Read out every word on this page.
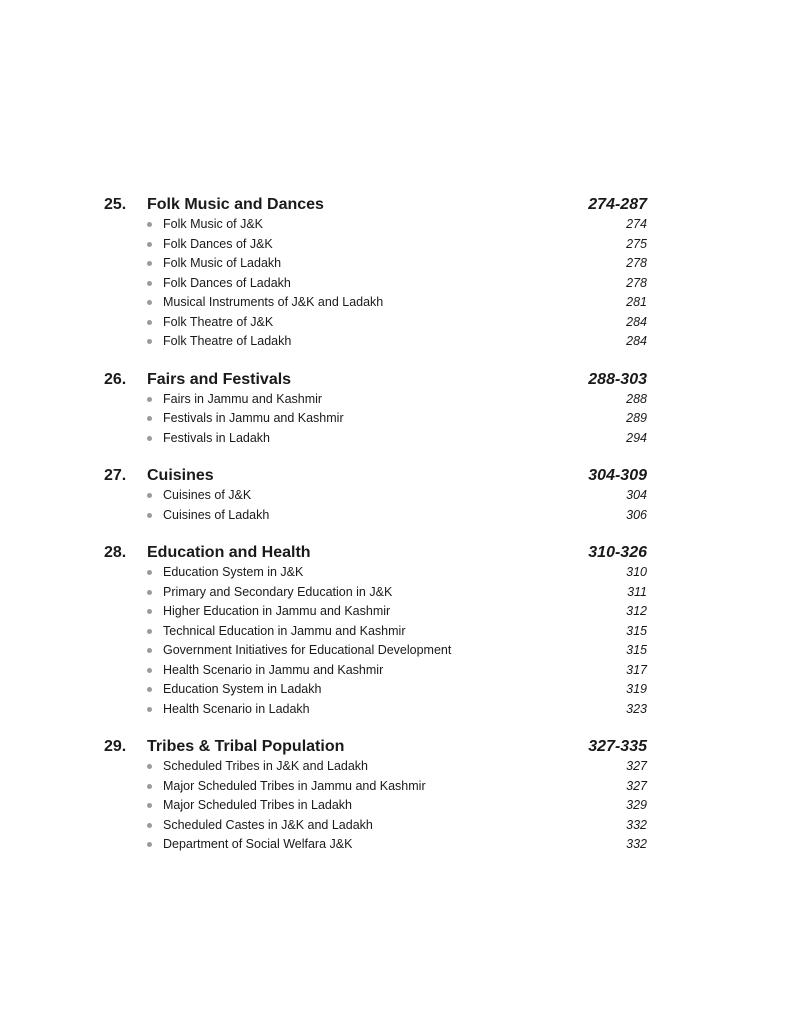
25. Folk Music and Dances	274-287
Folk Music of J&K	274
Folk Dances of J&K	275
Folk Music of Ladakh	278
Folk Dances of Ladakh	278
Musical Instruments of J&K and Ladakh	281
Folk Theatre of J&K	284
Folk Theatre of Ladakh	284
26. Fairs and Festivals	288-303
Fairs in Jammu and Kashmir	288
Festivals in Jammu and Kashmir	289
Festivals in Ladakh	294
27. Cuisines	304-309
Cuisines of J&K	304
Cuisines of Ladakh	306
28. Education and Health	310-326
Education System in J&K	310
Primary and Secondary Education in J&K	311
Higher Education in Jammu and Kashmir	312
Technical Education in Jammu and Kashmir	315
Government Initiatives for Educational Development	315
Health Scenario in Jammu and Kashmir	317
Education System in Ladakh	319
Health Scenario in Ladakh	323
29. Tribes & Tribal Population	327-335
Scheduled Tribes in J&K and Ladakh	327
Major Scheduled Tribes in Jammu and Kashmir	327
Major Scheduled Tribes in Ladakh	329
Scheduled Castes in J&K and Ladakh	332
Department of Social Welfara J&K	332
